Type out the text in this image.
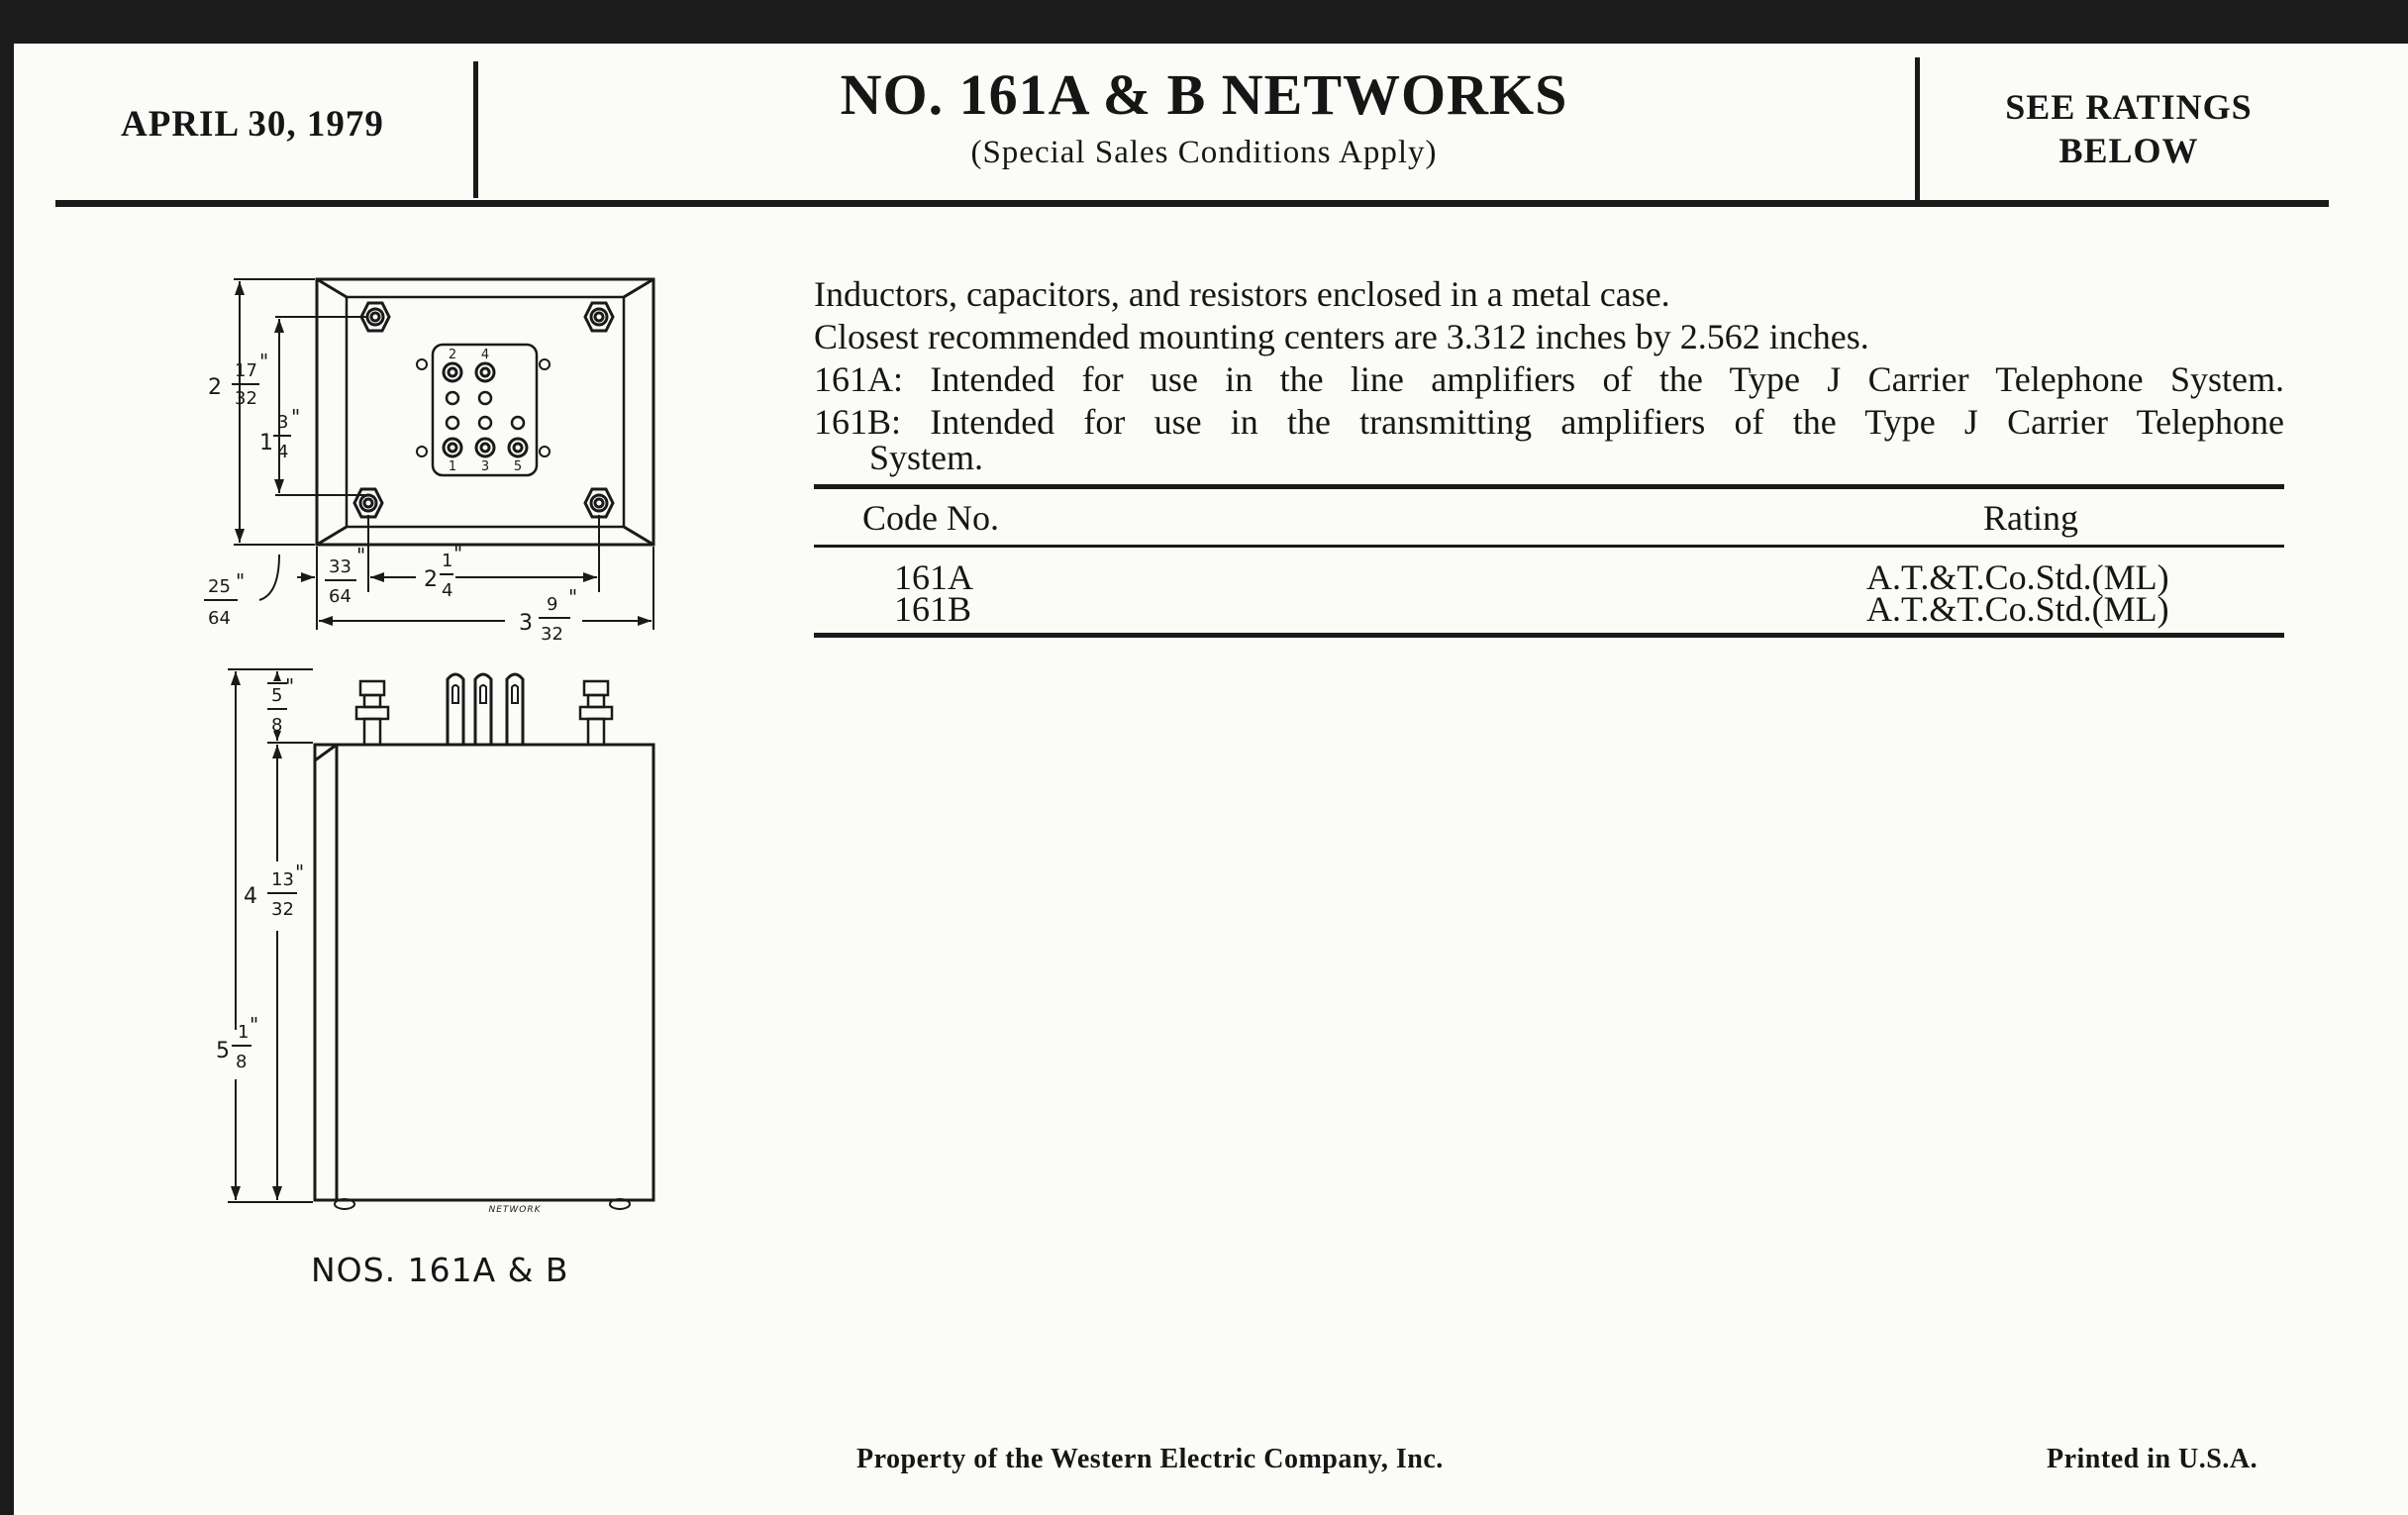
APRIL 30, 1979	NO. 161A & B NETWORKS
(Special Sales Conditions Apply)
SEE RATINGS
BELOW
Inductors, capacitors, and resistors enclosed in a metal case.
Closest recommended mounting centers are 3.312 inches by 2.562 inches.
161A: Intended for use in the line amplifiers of the Type J Carrier Telephone System.
161B: Intended for use in the transmitting amplifiers of the Type J Carrier Telephone
System.
Code No.	Rating
161A	A.T.&T.Co.Std.(ML)
161B	A.T.&T.Co.Std.(ML)
2 4
1 3 5
2
17
32
"
1
3
4
"
25
64
"
33
64
"
2
1
4
"
3
9
32
"
5
8
"
4
13
32
"
5
1
8
"
NETWORK
NOS. 161A & B
Property of the Western Electric Company, Inc.	Printed in U.S.A.
